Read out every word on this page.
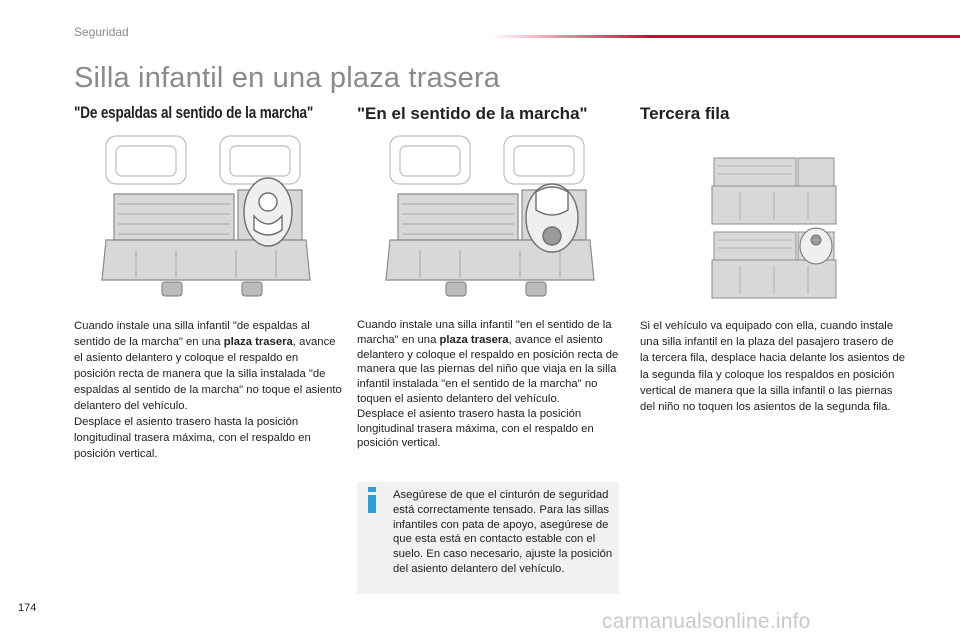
Seguridad
Silla infantil en una plaza trasera
"De espaldas al sentido de la marcha"	"En el sentido de la marcha"	Tercera fila
Cuando instale una silla infantil "de espaldas al sentido de la marcha" en una plaza trasera, avance el asiento delantero y coloque el respaldo en posición recta de manera que la silla instalada "de espaldas al sentido de la marcha" no toque el asiento delantero del vehículo.
Desplace el asiento trasero hasta la posición longitudinal trasera máxima, con el respaldo en posición vertical.
Cuando instale una silla infantil "en el sentido de la marcha" en una plaza trasera, avance el asiento delantero y coloque el respaldo en posición recta de manera que las piernas del niño que viaja en la silla infantil instalada "en el sentido de la marcha" no toquen el asiento delantero del vehículo.
Desplace el asiento trasero hasta la posición longitudinal trasera máxima, con el respaldo en posición vertical.
Si el vehículo va equipado con ella, cuando instale una silla infantil en la plaza del pasajero trasero de la tercera fila, desplace hacia delante los asientos de la segunda fila y coloque los respaldos en posición vertical de manera que la silla infantil o las piernas del niño no toquen los asientos de la segunda fila.
Asegúrese de que el cinturón de seguridad está correctamente tensado. Para las sillas infantiles con pata de apoyo, asegúrese de que esta está en contacto estable con el suelo. En caso necesario, ajuste la posición del asiento delantero del vehículo.
174
carmanualsonline.info
